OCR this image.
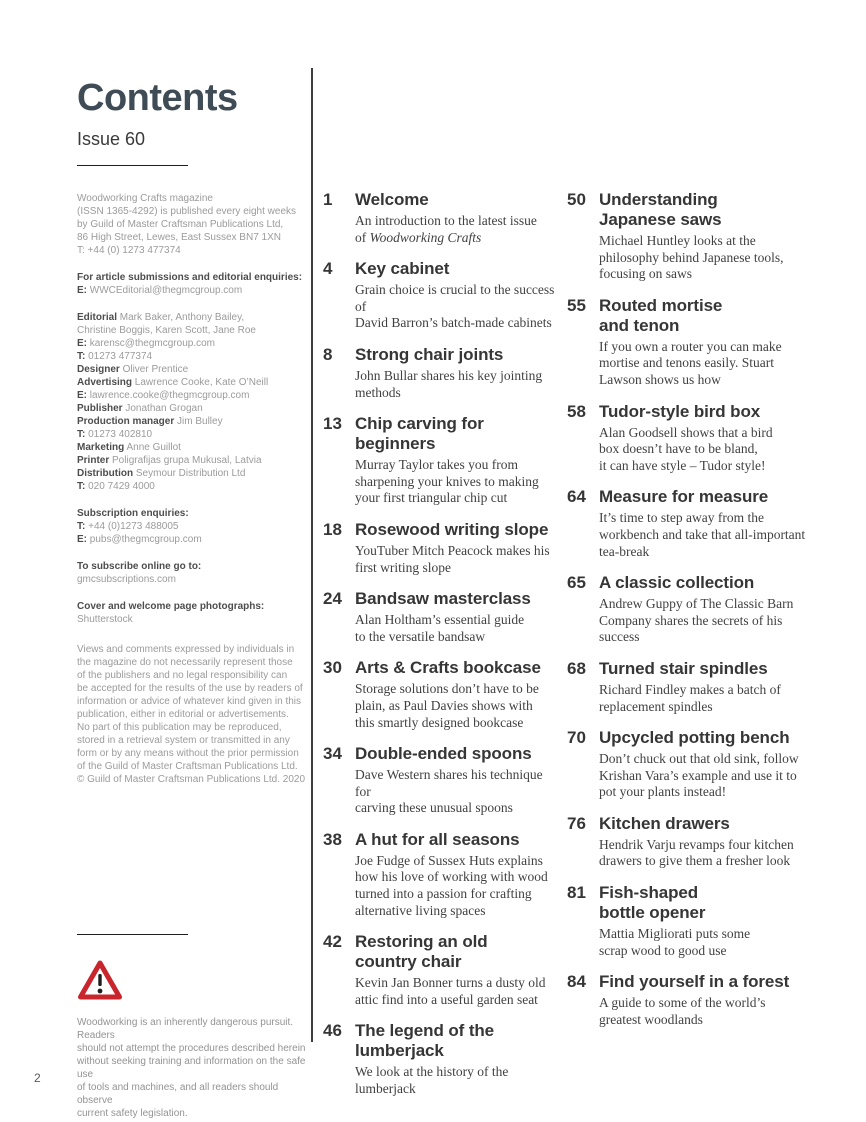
Contents
Issue 60
Woodworking Crafts magazine
(ISSN 1365-4292) is published every eight weeks
by Guild of Master Craftsman Publications Ltd,
86 High Street, Lewes, East Sussex BN7 1XN
T: +44 (0) 1273 477374
For article submissions and editorial enquiries:
E: WWCEditorial@thegmcgroup.com
Editorial Mark Baker, Anthony Bailey,
Christine Boggis, Karen Scott, Jane Roe
E: karensc@thegmcgroup.com
T: 01273 477374
Designer Oliver Prentice
Advertising Lawrence Cooke, Kate O’Neill
E: lawrence.cooke@thegmcgroup.com
Publisher Jonathan Grogan
Production manager Jim Bulley
T: 01273 402810
Marketing Anne Guillot
Printer Poligrafijas grupa Mukusal, Latvia
Distribution Seymour Distribution Ltd
T: 020 7429 4000
Subscription enquiries:
T: +44 (0)1273 488005
E: pubs@thegmcgroup.com
To subscribe online go to:
gmcsubscriptions.com
Cover and welcome page photographs:
Shutterstock

Views and comments expressed by individuals in
the magazine do not necessarily represent those
of the publishers and no legal responsibility can
be accepted for the results of the use by readers of
information or advice of whatever kind given in this
publication, either in editorial or advertisements.
No part of this publication may be reproduced,
stored in a retrieval system or transmitted in any
form or by any means without the prior permission
of the Guild of Master Craftsman Publications Ltd.
© Guild of Master Craftsman Publications Ltd. 2020

Woodworking is an inherently dangerous pursuit. Readers
should not attempt the procedures described herein
without seeking training and information on the safe use
of tools and machines, and all readers should observe
current safety legislation.

1	Welcome

An introduction to the latest issue
of Woodworking Crafts

4	Key cabinet

Grain choice is crucial to the success of
David Barron’s batch-made cabinets

8	Strong chair joints

John Bullar shares his key jointing
methods

13 Chip carving for
beginners

Murray Taylor takes you from
sharpening your knives to making
your first triangular chip cut

18 Rosewood writing slope

YouTuber Mitch Peacock makes his
first writing slope

24 Bandsaw masterclass

Alan Holtham’s essential guide
to the versatile bandsaw

30 Arts & Crafts bookcase

Storage solutions don’t have to be
plain, as Paul Davies shows with
this smartly designed bookcase

34 Double-ended spoons

Dave Western shares his technique for
carving these unusual spoons

38 A hut for all seasons

Joe Fudge of Sussex Huts explains
how his love of working with wood
turned into a passion for crafting
alternative living spaces

42 Restoring an old
country chair

Kevin Jan Bonner turns a dusty old
attic find into a useful garden seat

46 The legend of the
lumberjack

We look at the history of the
lumberjack

50 Understanding
Japanese saws

Michael Huntley looks at the
philosophy behind Japanese tools,
focusing on saws

55 Routed mortise
and tenon

If you own a router you can make
mortise and tenons easily. Stuart
Lawson shows us how

58 Tudor-style bird box

Alan Goodsell shows that a bird
box doesn’t have to be bland,
it can have style – Tudor style!

64 Measure for measure

It’s time to step away from the
workbench and take that all-important
tea-break

65 A classic collection

Andrew Guppy of The Classic Barn
Company shares the secrets of his
success

68 Turned stair spindles

Richard Findley makes a batch of
replacement spindles

70 Upcycled potting bench

Don’t chuck out that old sink, follow
Krishan Vara’s example and use it to
pot your plants instead!

76 Kitchen drawers

Hendrik Varju revamps four kitchen
drawers to give them a fresher look

81 Fish-shaped
bottle opener

Mattia Migliorati puts some
scrap wood to good use

84 Find yourself in a forest

A guide to some of the world’s
greatest woodlands

2
